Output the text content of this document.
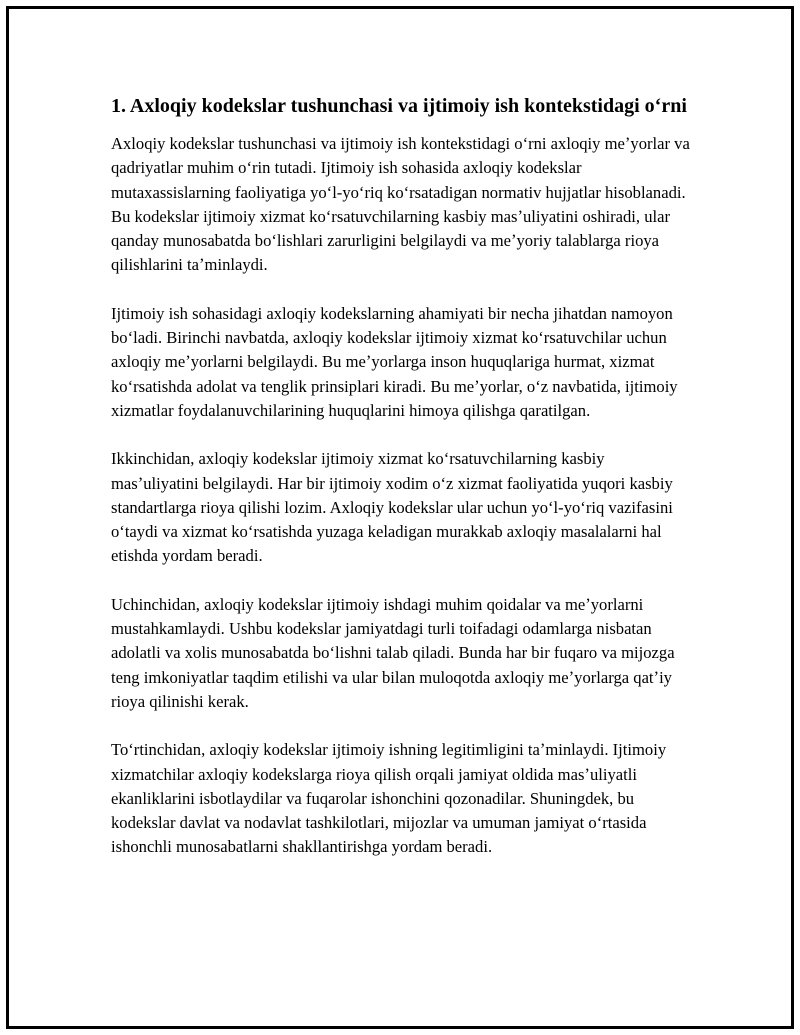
1. Axloqiy kodekslar tushunchasi va ijtimoiy ish kontekstidagi oʻrni

Axloqiy kodekslar tushunchasi va ijtimoiy ish kontekstidagi oʻrni axloqiy meʼyorlar va qadriyatlar muhim oʻrin tutadi. Ijtimoiy ish sohasida axloqiy kodekslar mutaxassislarning faoliyatiga yoʻl-yoʻriq koʻrsatadigan normativ hujjatlar hisoblanadi. Bu kodekslar ijtimoiy xizmat koʻrsatuvchilarning kasbiy masʼuliyatini oshiradi, ular qanday munosabatda boʻlishlari zarurligini belgilaydi va meʼyoriy talablarga rioya qilishlarini taʼminlaydi.

Ijtimoiy ish sohasidagi axloqiy kodekslarning ahamiyati bir necha jihatdan namoyon boʻladi. Birinchi navbatda, axloqiy kodekslar ijtimoiy xizmat koʻrsatuvchilar uchun axloqiy meʼyorlarni belgilaydi. Bu meʼyorlarga inson huquqlariga hurmat, xizmat koʻrsatishda adolat va tenglik prinsiplari kiradi. Bu meʼyorlar, oʻz navbatida, ijtimoiy xizmatlar foydalanuvchilarining huquqlarini himoya qilishga qaratilgan.

Ikkinchidan, axloqiy kodekslar ijtimoiy xizmat koʻrsatuvchilarning kasbiy masʼuliyatini belgilaydi. Har bir ijtimoiy xodim oʻz xizmat faoliyatida yuqori kasbiy standartlarga rioya qilishi lozim. Axloqiy kodekslar ular uchun yoʻl-yoʻriq vazifasini oʻtaydi va xizmat koʻrsatishda yuzaga keladigan murakkab axloqiy masalalarni hal etishda yordam beradi.

Uchinchidan, axloqiy kodekslar ijtimoiy ishdagi muhim qoidalar va meʼyorlarni mustahkamlaydi. Ushbu kodekslar jamiyatdagi turli toifadagi odamlarga nisbatan adolatli va xolis munosabatda boʻlishni talab qiladi. Bunda har bir fuqaro va mijozga teng imkoniyatlar taqdim etilishi va ular bilan muloqotda axloqiy meʼyorlarga qatʼiy rioya qilinishi kerak.

Toʻrtinchidan, axloqiy kodekslar ijtimoiy ishning legitimligini taʼminlaydi. Ijtimoiy xizmatchilar axloqiy kodekslarga rioya qilish orqali jamiyat oldida masʼuliyatli ekanliklarini isbotlaydilar va fuqarolar ishonchini qozonadilar. Shuningdek, bu kodekslar davlat va nodavlat tashkilotlari, mijozlar va umuman jamiyat oʻrtasida ishonchli munosabatlarni shakllantirishga yordam beradi.
